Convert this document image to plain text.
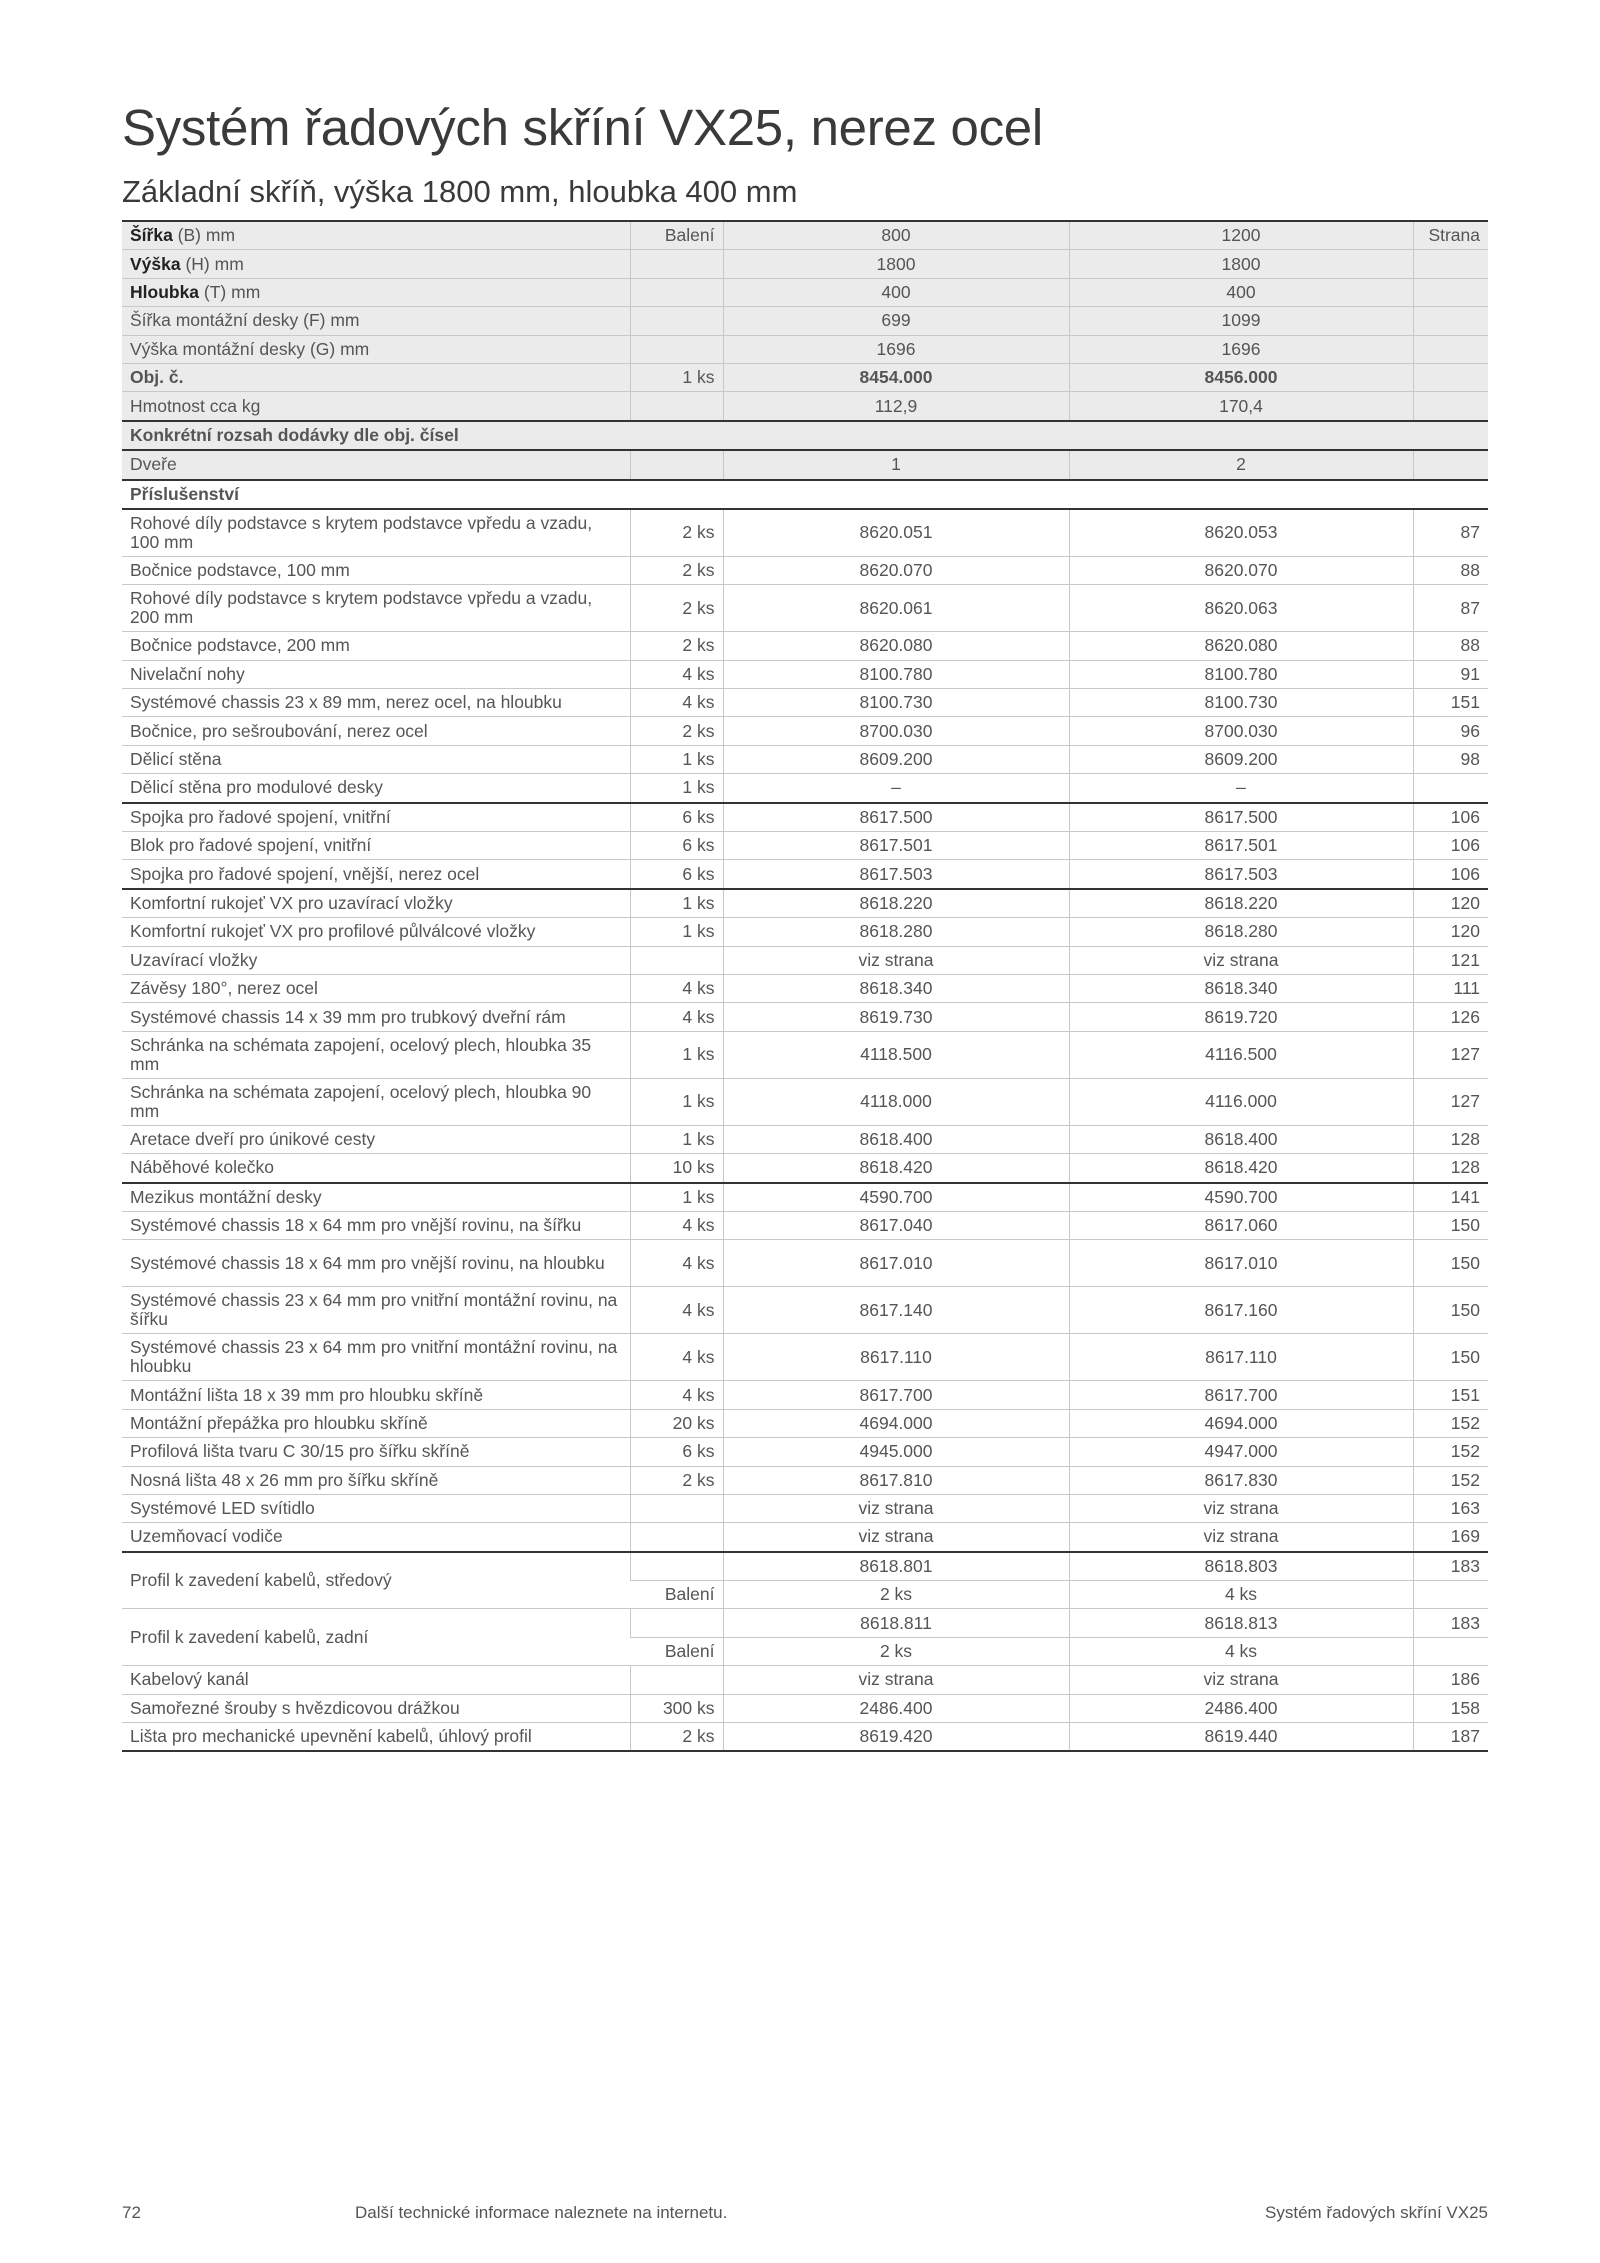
Systém řadových skříní VX25, nerez ocel
Základní skříň, výška 1800 mm, hloubka 400 mm
Šířka (B) mm	Balení	800	1200	Strana
Výška (H) mm		1800	1800	
Hloubka (T) mm		400	400	
Šířka montážní desky (F) mm		699	1099	
Výška montážní desky (G) mm		1696	1696	
Obj. č.	1 ks	8454.000	8456.000	
Hmotnost cca kg		112,9	170,4	
Konkrétní rozsah dodávky dle obj. čísel				
Dveře		1	2	
Příslušenství				
Rohové díly podstavce s krytem podstavce vpředu a vzadu, 100 mm	2 ks	8620.051	8620.053	87
Bočnice podstavce, 100 mm	2 ks	8620.070	8620.070	88
Rohové díly podstavce s krytem podstavce vpředu a vzadu, 200 mm	2 ks	8620.061	8620.063	87
Bočnice podstavce, 200 mm	2 ks	8620.080	8620.080	88
Nivelační nohy	4 ks	8100.780	8100.780	91
Systémové chassis 23 x 89 mm, nerez ocel, na hloubku	4 ks	8100.730	8100.730	151
Bočnice, pro sešroubování, nerez ocel	2 ks	8700.030	8700.030	96
Dělicí stěna	1 ks	8609.200	8609.200	98
Dělicí stěna pro modulové desky	1 ks	–	–	
Spojka pro řadové spojení, vnitřní	6 ks	8617.500	8617.500	106
Blok pro řadové spojení, vnitřní	6 ks	8617.501	8617.501	106
Spojka pro řadové spojení, vnější, nerez ocel	6 ks	8617.503	8617.503	106
Komfortní rukojeť VX pro uzavírací vložky	1 ks	8618.220	8618.220	120
Komfortní rukojeť VX pro profilové půlválcové vložky	1 ks	8618.280	8618.280	120
Uzavírací vložky		viz strana	viz strana	121
Závěsy 180°, nerez ocel	4 ks	8618.340	8618.340	111
Systémové chassis 14 x 39 mm pro trubkový dveřní rám	4 ks	8619.730	8619.720	126
Schránka na schémata zapojení, ocelový plech, hloubka 35 mm	1 ks	4118.500	4116.500	127
Schránka na schémata zapojení, ocelový plech, hloubka 90 mm	1 ks	4118.000	4116.000	127
Aretace dveří pro únikové cesty	1 ks	8618.400	8618.400	128
Náběhové kolečko	10 ks	8618.420	8618.420	128
Mezikus montážní desky	1 ks	4590.700	4590.700	141
Systémové chassis 18 x 64 mm pro vnější rovinu, na šířku	4 ks	8617.040	8617.060	150
Systémové chassis 18 x 64 mm pro vnější rovinu, na hloubku	4 ks	8617.010	8617.010	150
Systémové chassis 23 x 64 mm pro vnitřní montážní rovinu, na šířku	4 ks	8617.140	8617.160	150
Systémové chassis 23 x 64 mm pro vnitřní montážní rovinu, na hloubku	4 ks	8617.110	8617.110	150
Montážní lišta 18 x 39 mm pro hloubku skříně	4 ks	8617.700	8617.700	151
Montážní přepážka pro hloubku skříně	20 ks	4694.000	4694.000	152
Profilová lišta tvaru C 30/15 pro šířku skříně	6 ks	4945.000	4947.000	152
Nosná lišta 48 x 26 mm pro šířku skříně	2 ks	8617.810	8617.830	152
Systémové LED svítidlo		viz strana	viz strana	163
Uzemňovací vodiče		viz strana	viz strana	169
Profil k zavedení kabelů, středový		8618.801	8618.803	183
	Balení	2 ks	4 ks	
Profil k zavedení kabelů, zadní		8618.811	8618.813	183
	Balení	2 ks	4 ks	
Kabelový kanál		viz strana	viz strana	186
Samořezné šrouby s hvězdicovou drážkou	300 ks	2486.400	2486.400	158
Lišta pro mechanické upevnění kabelů, úhlový profil	2 ks	8619.420	8619.440	187
72	Další technické informace naleznete na internetu.	Systém řadových skříní VX25
